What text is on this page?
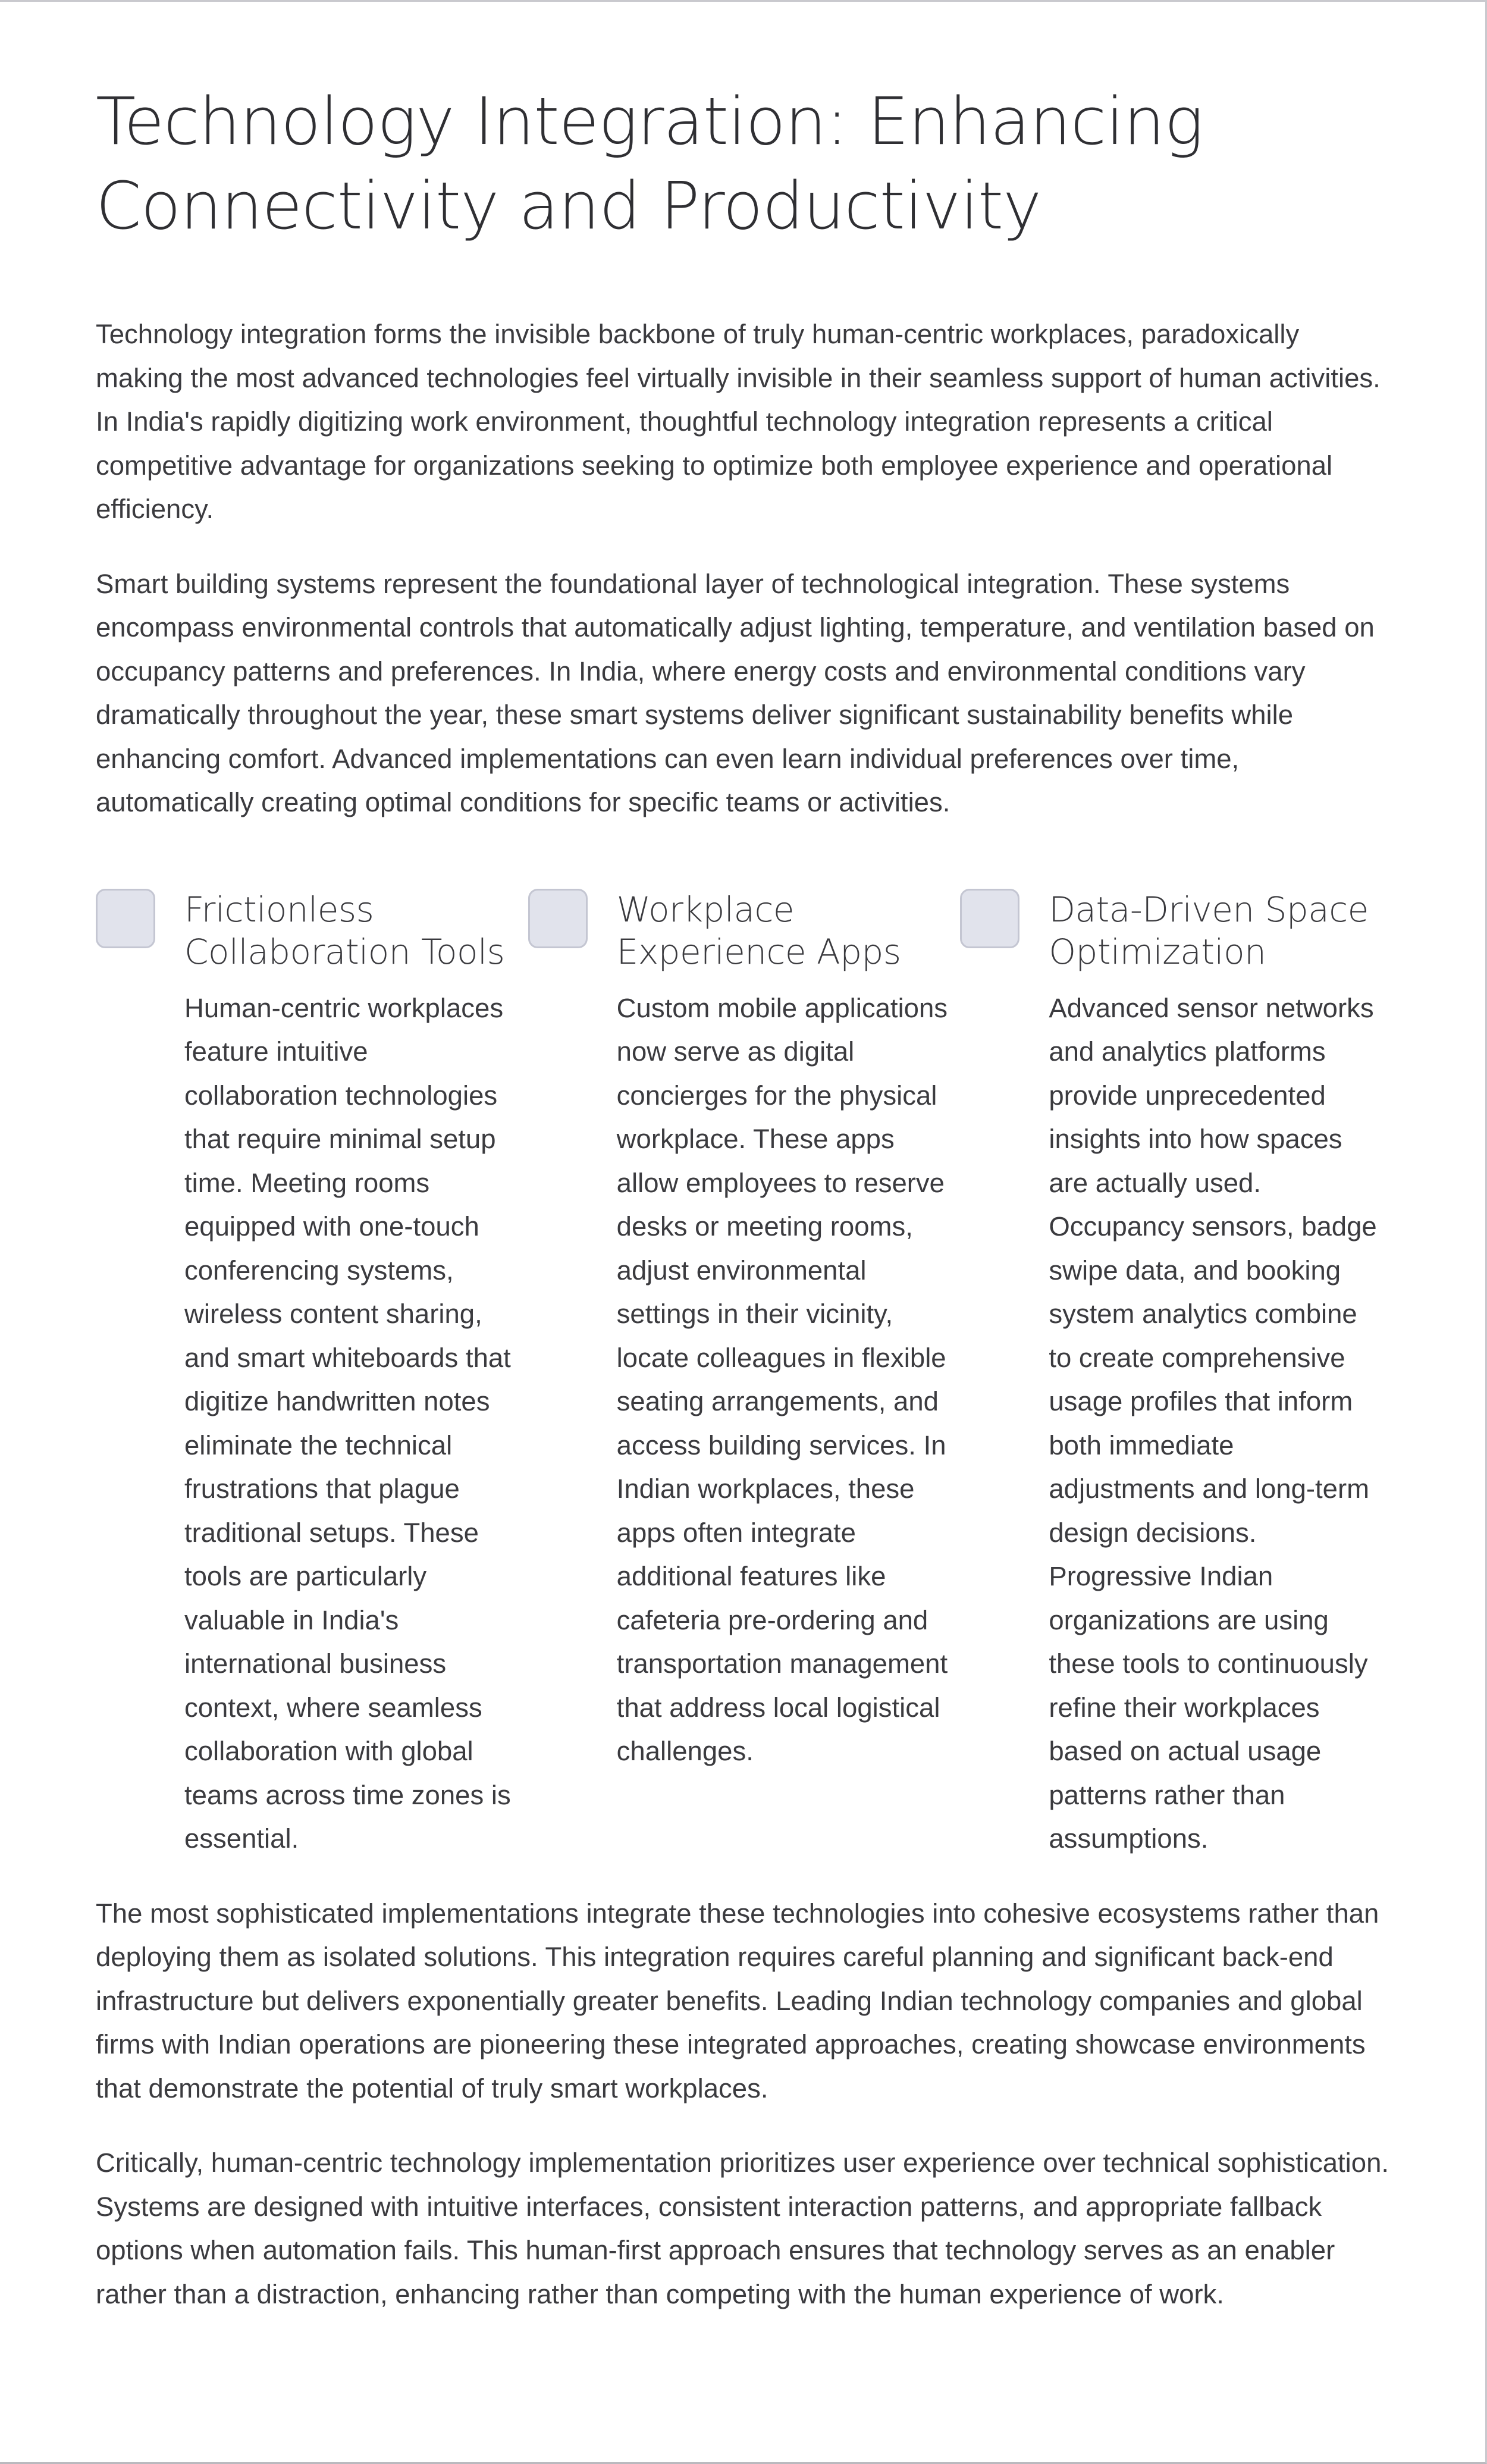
Technology Integration: Enhancing Connectivity and Productivity

Technology integration forms the invisible backbone of truly human-centric workplaces, paradoxically making the most advanced technologies feel virtually invisible in their seamless support of human activities. In India's rapidly digitizing work environment, thoughtful technology integration represents a critical competitive advantage for organizations seeking to optimize both employee experience and operational efficiency.

Smart building systems represent the foundational layer of technological integration. These systems encompass environmental controls that automatically adjust lighting, temperature, and ventilation based on occupancy patterns and preferences. In India, where energy costs and environmental conditions vary dramatically throughout the year, these smart systems deliver significant sustainability benefits while enhancing comfort. Advanced implementations can even learn individual preferences over time, automatically creating optimal conditions for specific teams or activities.

Frictionless Collaboration Tools

Human-centric workplaces feature intuitive collaboration technologies that require minimal setup time. Meeting rooms equipped with one-touch conferencing systems, wireless content sharing, and smart whiteboards that digitize handwritten notes eliminate the technical frustrations that plague traditional setups. These tools are particularly valuable in India's international business context, where seamless collaboration with global teams across time zones is essential.

Workplace Experience Apps

Custom mobile applications now serve as digital concierges for the physical workplace. These apps allow employees to reserve desks or meeting rooms, adjust environmental settings in their vicinity, locate colleagues in flexible seating arrangements, and access building services. In Indian workplaces, these apps often integrate additional features like cafeteria pre-ordering and transportation management that address local logistical challenges.

Data-Driven Space Optimization

Advanced sensor networks and analytics platforms provide unprecedented insights into how spaces are actually used. Occupancy sensors, badge swipe data, and booking system analytics combine to create comprehensive usage profiles that inform both immediate adjustments and long-term design decisions. Progressive Indian organizations are using these tools to continuously refine their workplaces based on actual usage patterns rather than assumptions.

The most sophisticated implementations integrate these technologies into cohesive ecosystems rather than deploying them as isolated solutions. This integration requires careful planning and significant back-end infrastructure but delivers exponentially greater benefits. Leading Indian technology companies and global firms with Indian operations are pioneering these integrated approaches, creating showcase environments that demonstrate the potential of truly smart workplaces.

Critically, human-centric technology implementation prioritizes user experience over technical sophistication. Systems are designed with intuitive interfaces, consistent interaction patterns, and appropriate fallback options when automation fails. This human-first approach ensures that technology serves as an enabler rather than a distraction, enhancing rather than competing with the human experience of work.
